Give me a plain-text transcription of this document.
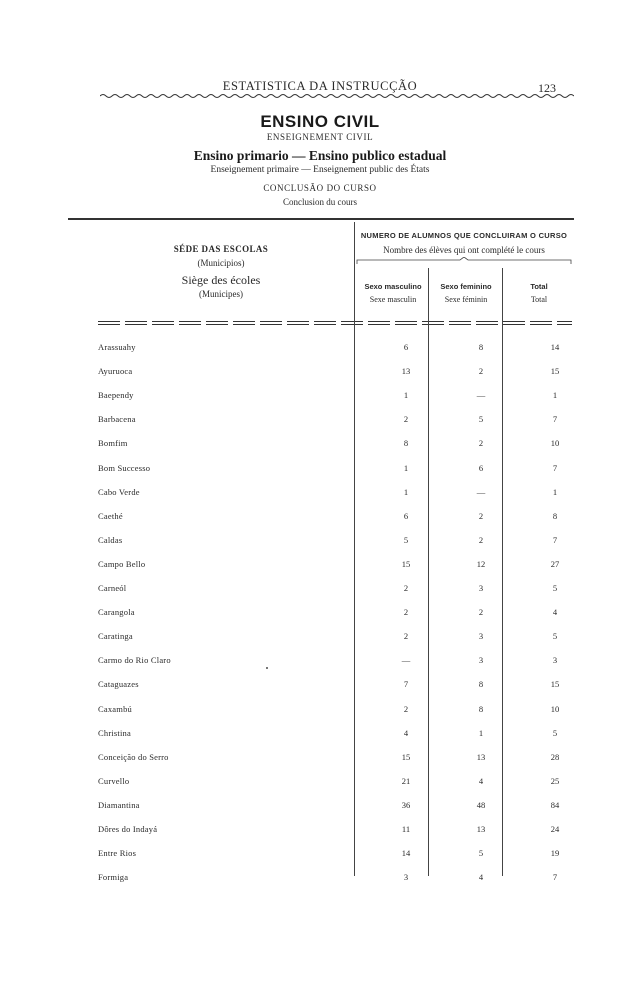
ESTATISTICA DA INSTRUCÇÃO	123
ENSINO CIVIL
ENSEIGNEMENT CIVIL
Ensino primario — Ensino publico estadual
Enseignement primaire — Enseignement public des États
CONCLUSÃO DO CURSO
Conclusion du cours
SÉDE DAS ESCOLAS
(Municipios)
Siège des écoles
(Municipes)
NUMERO DE ALUMNOS QUE CONCLUIRAM O CURSO
Nombre des élèves qui ont complété le cours
Sexo masculino
Sexe masculin
Sexo feminino
Sexe féminin
Total
Total
Arassuahy	6	8	14
Ayuruoca	13	2	15
Baependy	1	—	1
Barbacena	2	5	7
Bomfim	8	2	10
Bom Successo	1	6	7
Cabo Verde	1	—	1
Caethé	6	2	8
Caldas	5	2	7
Campo Bello	15	12	27
Carneól	2	3	5
Carangola	2	2	4
Caratinga	2	3	5
Carmo do Rio Claro	—	3	3
Cataguazes	7	8	15
Caxambú	2	8	10
Christina	4	1	5
Conceição do Serro	15	13	28
Curvello	21	4	25
Diamantina	36	48	84
Dôres do Indayá	11	13	24
Entre Rios	14	5	19
Formiga	3	4	7
